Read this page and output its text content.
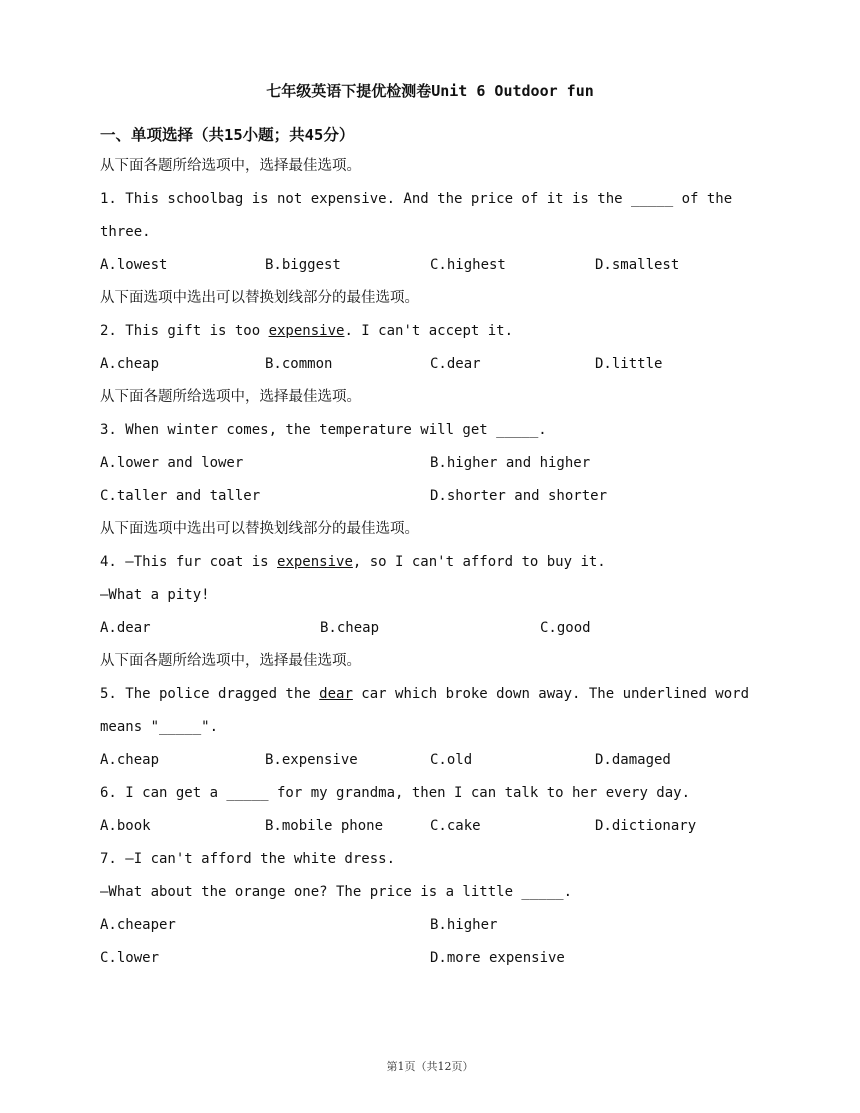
七年级英语下提优检测卷Unit 6 Outdoor fun
一、单项选择（共15小题；共45分）
从下面各题所给选项中，选择最佳选项。
1. This schoolbag is not expensive. And the price of it is the _____ of the
three.
A.lowest	B.biggest	C.highest	D.smallest
从下面选项中选出可以替换划线部分的最佳选项。
2. This gift is too expensive. I can't accept it.
A.cheap	B.common	C.dear	D.little
从下面各题所给选项中，选择最佳选项。
3. When winter comes, the temperature will get _____.
A.lower and lower	B.higher and higher
C.taller and taller	D.shorter and shorter
从下面选项中选出可以替换划线部分的最佳选项。
4. —This fur coat is expensive, so I can't afford to buy it.
—What a pity!
A.dear	B.cheap	C.good
从下面各题所给选项中，选择最佳选项。
5. The police dragged the dear car which broke down away. The underlined word
means "_____".
A.cheap	B.expensive	C.old	D.damaged
6. I can get a _____ for my grandma, then I can talk to her every day.
A.book	B.mobile phone	C.cake	D.dictionary
7. —I can't afford the white dress.
—What about the orange one? The price is a little _____.
A.cheaper	B.higher
C.lower	D.more expensive
第1页（共12页）
